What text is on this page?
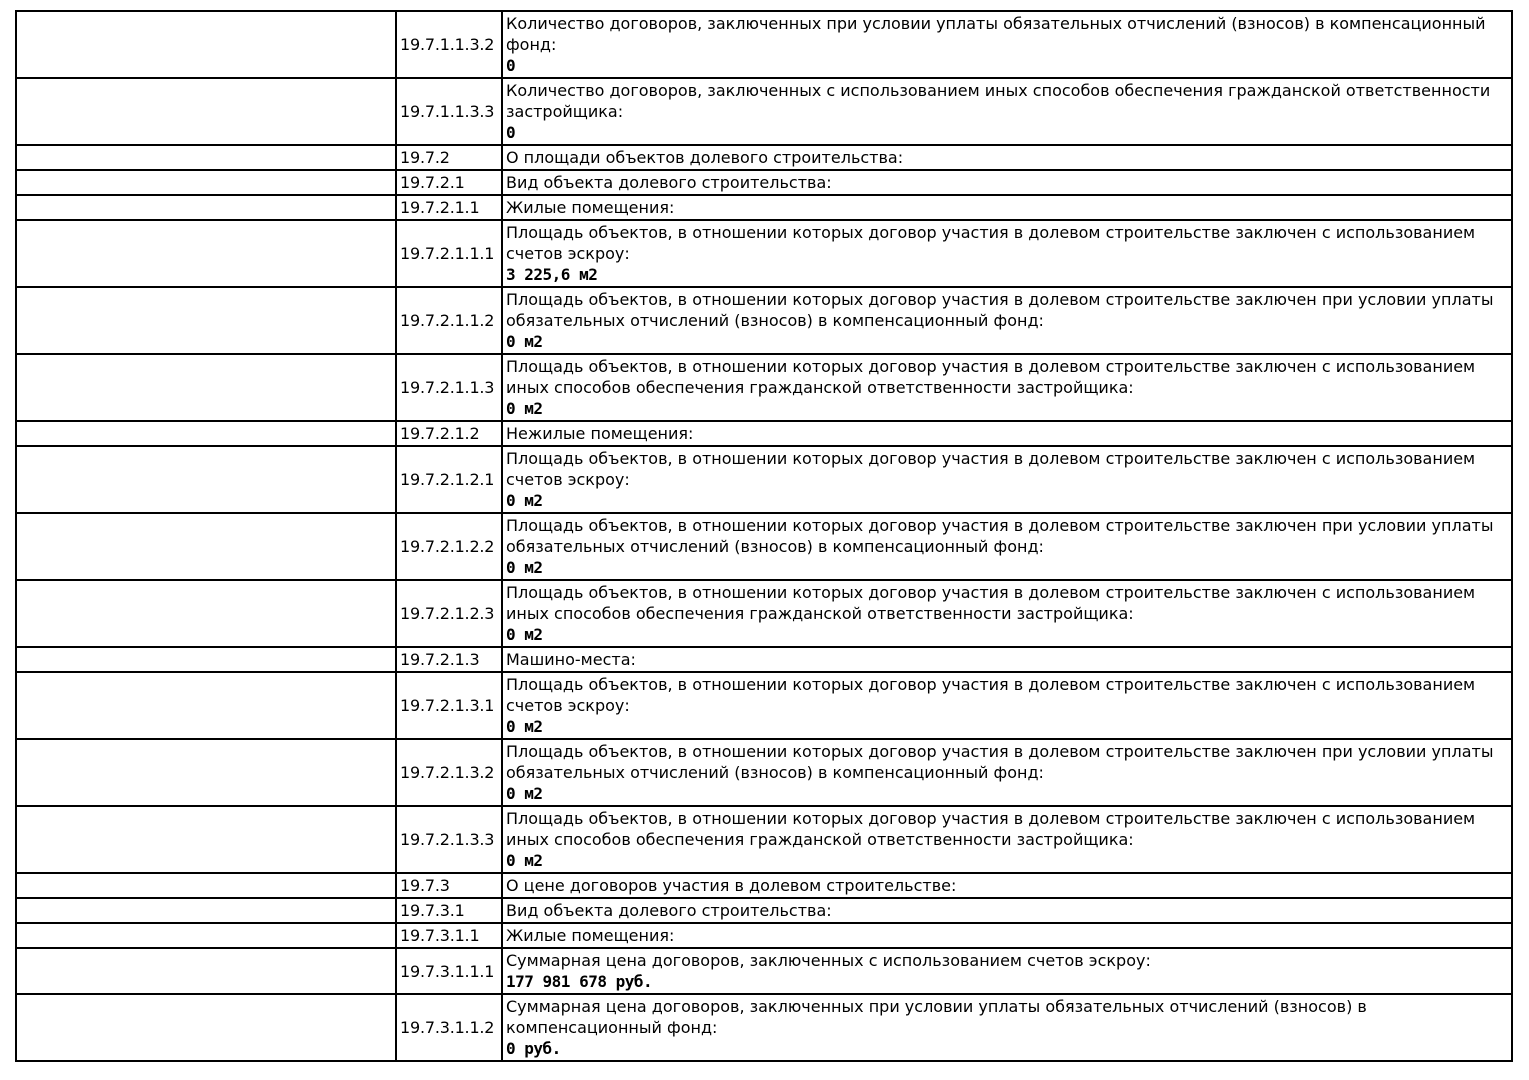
	19.7.1.1.3.2	Количество договоров, заключенных при условии уплаты обязательных отчислений (взносов) в компенсационный фонд:
0

	19.7.1.1.3.3	Количество договоров, заключенных с использованием иных способов обеспечения гражданской ответственности застройщика:
0

	19.7.2	О площади объектов долевого строительства:

	19.7.2.1	Вид объекта долевого строительства:

	19.7.2.1.1	Жилые помещения:

	19.7.2.1.1.1	Площадь объектов, в отношении которых договор участия в долевом строительстве заключен с использованием счетов эскроу:
3 225,6 м2

	19.7.2.1.1.2	Площадь объектов, в отношении которых договор участия в долевом строительстве заключен при условии уплаты обязательных отчислений (взносов) в компенсационный фонд:
0 м2

	19.7.2.1.1.3	Площадь объектов, в отношении которых договор участия в долевом строительстве заключен с использованием иных способов обеспечения гражданской ответственности застройщика:
0 м2

	19.7.2.1.2	Нежилые помещения:

	19.7.2.1.2.1	Площадь объектов, в отношении которых договор участия в долевом строительстве заключен с использованием счетов эскроу:
0 м2

	19.7.2.1.2.2	Площадь объектов, в отношении которых договор участия в долевом строительстве заключен при условии уплаты обязательных отчислений (взносов) в компенсационный фонд:
0 м2

	19.7.2.1.2.3	Площадь объектов, в отношении которых договор участия в долевом строительстве заключен с использованием иных способов обеспечения гражданской ответственности застройщика:
0 м2

	19.7.2.1.3	Машино-места:

	19.7.2.1.3.1	Площадь объектов, в отношении которых договор участия в долевом строительстве заключен с использованием счетов эскроу:
0 м2

	19.7.2.1.3.2	Площадь объектов, в отношении которых договор участия в долевом строительстве заключен при условии уплаты обязательных отчислений (взносов) в компенсационный фонд:
0 м2

	19.7.2.1.3.3	Площадь объектов, в отношении которых договор участия в долевом строительстве заключен с использованием иных способов обеспечения гражданской ответственности застройщика:
0 м2

	19.7.3	О цене договоров участия в долевом строительстве:

	19.7.3.1	Вид объекта долевого строительства:

	19.7.3.1.1	Жилые помещения:

	19.7.3.1.1.1	Суммарная цена договоров, заключенных с использованием счетов эскроу:
177 981 678 руб.

	19.7.3.1.1.2	Суммарная цена договоров, заключенных при условии уплаты обязательных отчислений (взносов) в компенсационный фонд:
0 руб.
